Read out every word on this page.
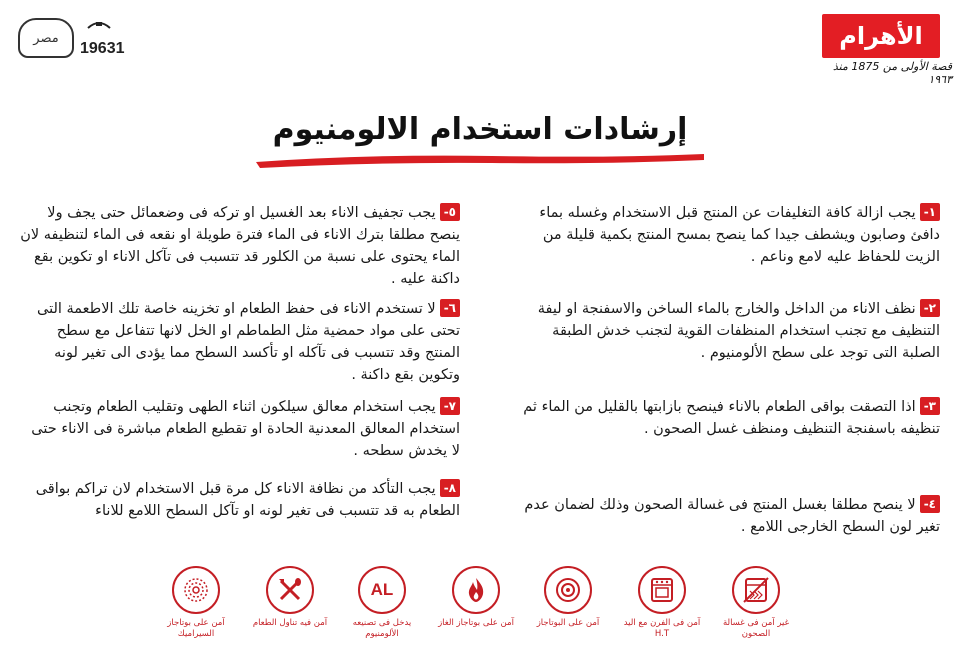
الأهرام
قصة الأولى من 1875 منذ ١٩٦٣
مصر
19631
إرشادات استخدام الالومنيوم
١-يجب ازالة كافة التغليفات عن المنتج قبل الاستخدام وغسله بماء دافئ وصابون ويشطف جيدا كما ينصح بمسح المنتج بكمية قليلة من الزيت للحفاظ عليه لامع وناعم .
٢-نظف الاناء من الداخل والخارج بالماء الساخن والاسفنجة او ليفة التنظيف مع تجنب استخدام المنظفات القوية لتجنب خدش الطبقة الصلبة التى توجد على سطح الألومنيوم .
٣-اذا التصقت بواقى الطعام بالاناء فينصح بازابتها بالقليل من الماء ثم تنظيفه باسفنجة التنظيف ومنظف غسل الصحون .
٤-لا ينصح مطلقا بغسل المنتج فى غسالة الصحون وذلك لضمان عدم تغير لون السطح الخارجى اللامع .
٥-يجب تجفيف الاناء بعد الغسيل او تركه فى وضعمائل حتى يجف ولا ينصح مطلقا بترك الاناء فى الماء فترة طويلة او نقعه فى الماء لتنظيفه لان الماء يحتوى على نسبة من الكلور قد تتسبب فى تآكل الاناء او تكوين بقع داكنة عليه .
٦-لا تستخدم الاناء فى حفظ الطعام او تخزينه خاصة تلك الاطعمة التى تحتى على مواد حمضية مثل الطماطم او الخل لانها تتفاعل مع سطح المنتج وقد تتسبب فى تآكله او تأكسد السطح مما يؤدى الى تغير لونه وتكوين بقع داكنة .
٧-يجب استخدام معالق سيلكون اثناء الطهى وتقليب الطعام وتجنب استخدام المعالق المعدنية الحادة او تقطيع الطعام مباشرة فى الاناء حتى لا يخدش سطحه .
٨-يجب التأكد من نظافة الاناء كل مرة قبل الاستخدام لان تراكم بواقى الطعام به قد تتسبب فى تغير لونه او تآكل السطح اللامع للاناء
غير آمن فى غسالة الصحون
آمن فى الفرن مع اليد H.T
آمن على البوتاجاز
آمن على بوتاجاز الغاز
AL
يدخل فى تصنيعه الألومنيوم
آمن فيه تناول الطعام
آمن على بوتاجاز السيراميك
